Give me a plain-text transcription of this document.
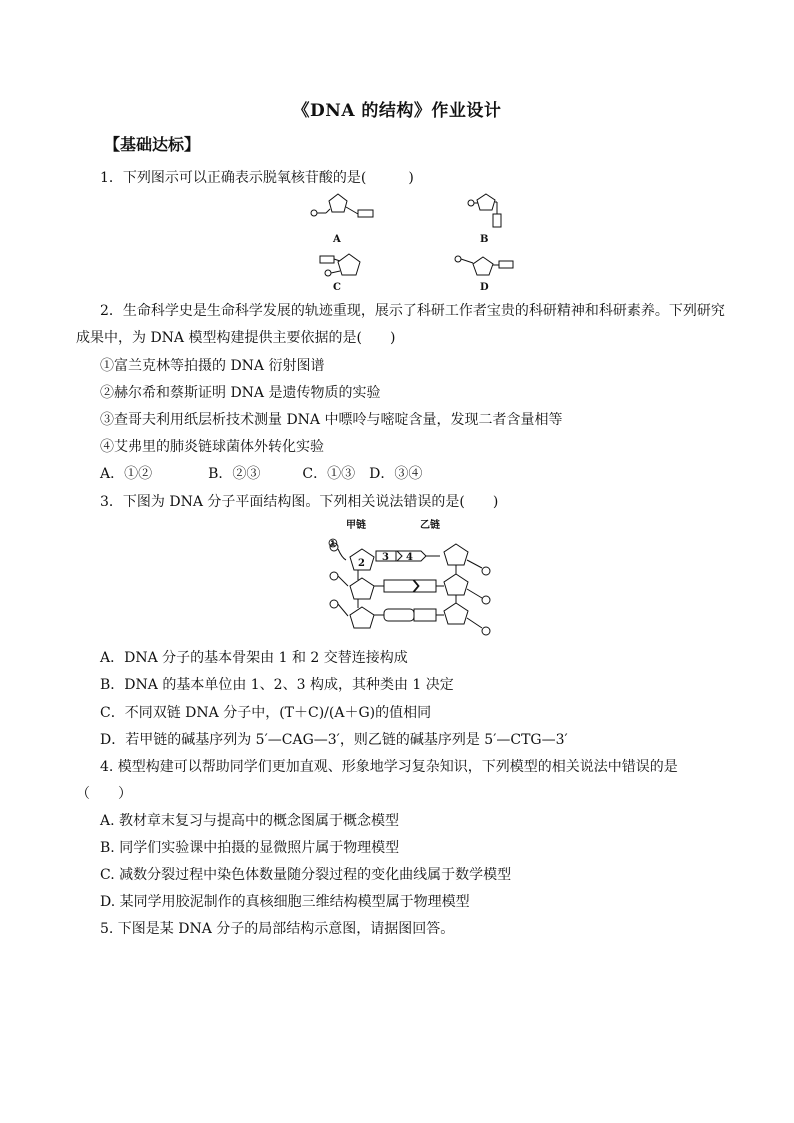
《DNA 的结构》作业设计
【基础达标】
1．下列图示可以正确表示脱氧核苷酸的是(　　　)
A	B
C	D
2．生命科学史是生命科学发展的轨迹重现，展示了科研工作者宝贵的科研精神和科研素养。下列研究
成果中，为 DNA 模型构建提供主要依据的是(　　)
①富兰克林等拍摄的 DNA 衍射图谱
②赫尔希和蔡斯证明 DNA 是遗传物质的实验
③查哥夫利用纸层析技术测量 DNA 中嘌呤与嘧啶含量，发现二者含量相等
④艾弗里的肺炎链球菌体外转化实验
A．①②　　　　B．②③　　　C．①③　D．③④
3．下图为 DNA 分子平面结构图。下列相关说法错误的是(　　)
甲链	乙链
①
2
3 4
A．DNA 分子的基本骨架由 1 和 2 交替连接构成
B．DNA 的基本单位由 1、2、3 构成，其种类由 1 决定
C．不同双链 DNA 分子中，(T＋C)/(A＋G)的值相同
D．若甲链的碱基序列为 5′—CAG—3′，则乙链的碱基序列是 5′—CTG—3′
4. 模型构建可以帮助同学们更加直观、形象地学习复杂知识，下列模型的相关说法中错误的是
（　　）
A. 教材章末复习与提高中的概念图属于概念模型
B. 同学们实验课中拍摄的显微照片属于物理模型
C. 减数分裂过程中染色体数量随分裂过程的变化曲线属于数学模型
D. 某同学用胶泥制作的真核细胞三维结构模型属于物理模型
5. 下图是某 DNA 分子的局部结构示意图，请据图回答。
